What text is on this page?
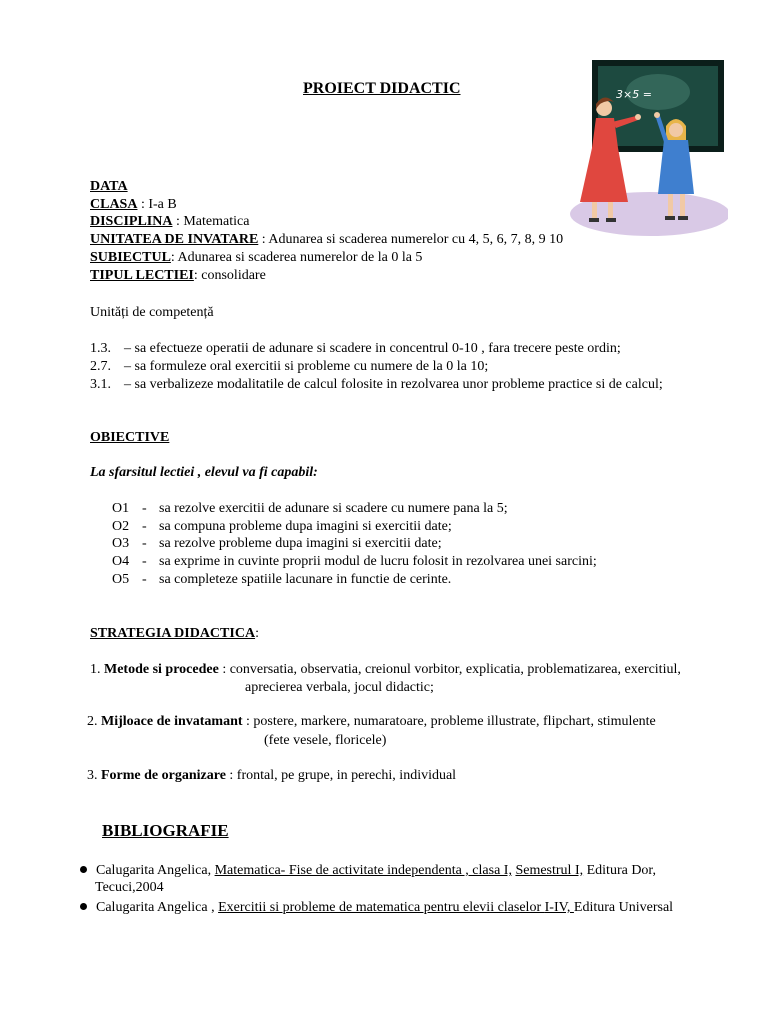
PROIECT DIDACTIC	3×5 =
DATA
CLASA : I-a B
DISCIPLINA : Matematica
UNITATEA DE INVATARE : Adunarea si scaderea numerelor cu 4, 5, 6, 7, 8, 9 10
SUBIECTUL: Adunarea si scaderea numerelor de la 0 la 5
TIPUL LECTIEI: consolidare
Unități de competență
1.3. – sa efectueze operatii de adunare si scadere in concentrul 0-10 , fara trecere peste ordin;
2.7. – sa formuleze oral exercitii si probleme cu numere de la 0 la 10;
3.1. – sa verbalizeze modalitatile de calcul folosite in rezolvarea unor probleme practice si de calcul;
OBIECTIVE
La sfarsitul lectiei , elevul va fi capabil:
O1 - sa rezolve exercitii de adunare si scadere cu numere pana la 5;
O2 - sa compuna probleme dupa imagini si exercitii date;
O3 - sa rezolve probleme dupa imagini si exercitii date;
O4 - sa exprime in cuvinte proprii modul de lucru folosit in rezolvarea unei sarcini;
O5 - sa completeze spatiile lacunare in functie de cerinte.
STRATEGIA DIDACTICA:
1. Metode si procedee : conversatia, observatia, creionul vorbitor, explicatia, problematizarea, exercitiul,
aprecierea verbala, jocul didactic;
2. Mijloace de invatamant : postere, markere, numaratoare, probleme illustrate, flipchart, stimulente
(fete vesele, floricele)
3. Forme de organizare : frontal, pe grupe, in perechi, individual
BIBLIOGRAFIE
Calugarita Angelica, Matematica- Fise de activitate independenta , clasa I, Semestrul I, Editura Dor,
Tecuci,2004
Calugarita Angelica , Exercitii si probleme de matematica pentru elevii claselor I-IV, Editura Universal
